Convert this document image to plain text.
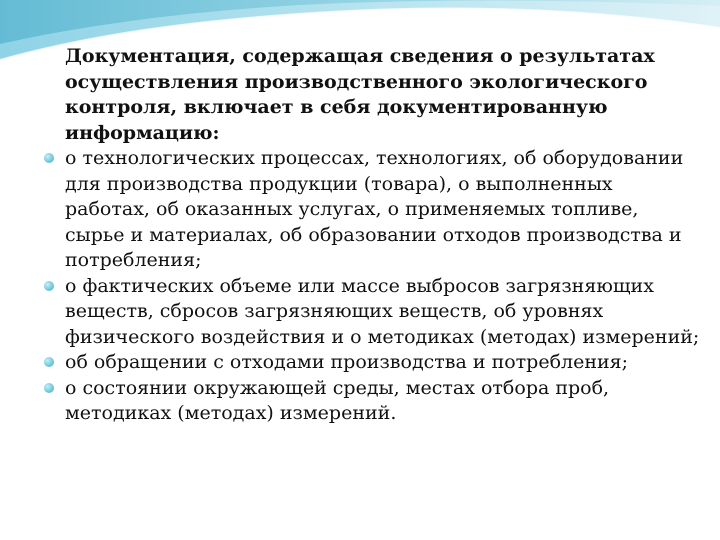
Документация, содержащая сведения о результатах осуществления производственного экологического контроля, включает в себя документированную информацию:

о технологических процессах, технологиях, об оборудовании для производства продукции (товара), о выполненных работах, об оказанных услугах, о применяемых топливе, сырье и материалах, об образовании отходов производства и потребления;
о фактических объеме или массе выбросов загрязняющих веществ, сбросов загрязняющих веществ, об уровнях физического воздействия и о методиках (методах) измерений;
об обращении с отходами производства и потребления;
о состоянии окружающей среды, местах отбора проб, методиках (методах) измерений.
